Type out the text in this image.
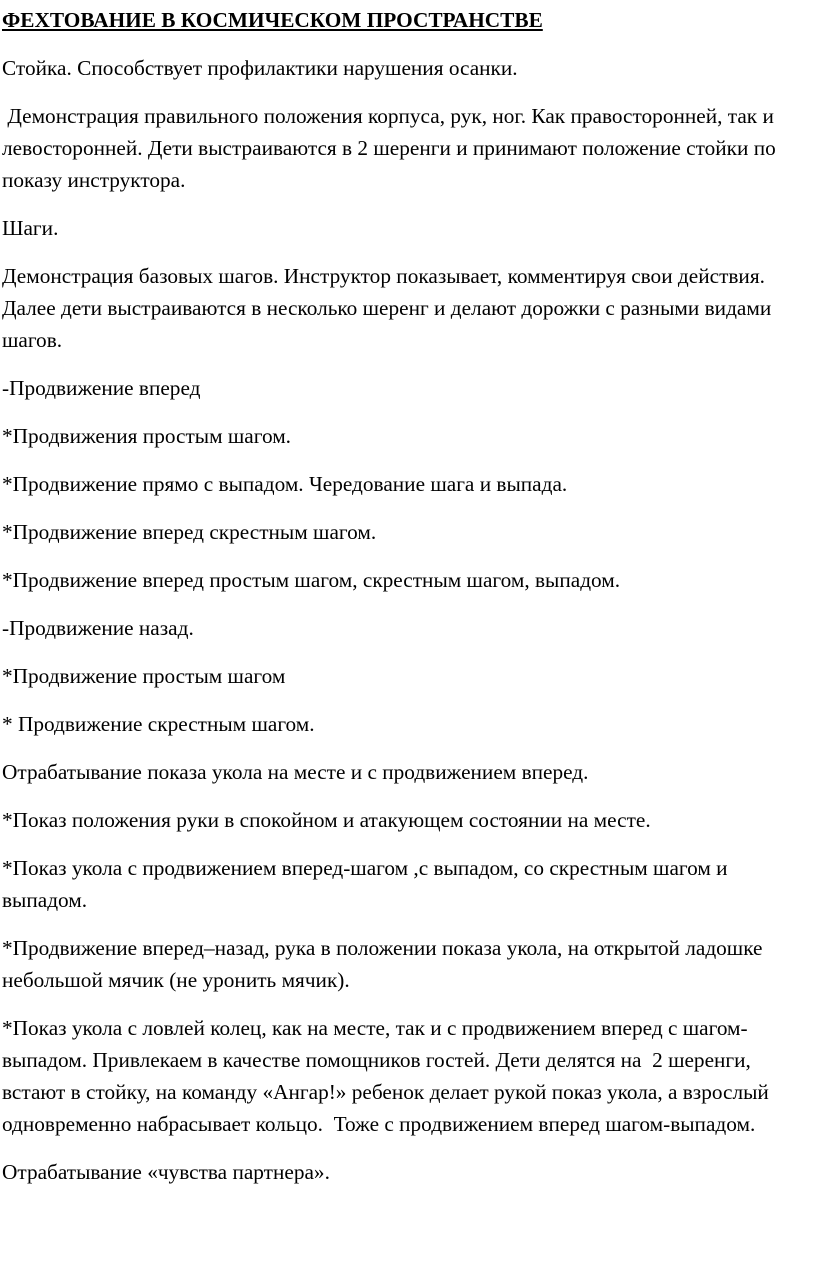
ФЕХТОВАНИЕ В КОСМИЧЕСКОМ ПРОСТРАНСТВЕ
Стойка. Способствует профилактики нарушения осанки.
Демонстрация правильного положения корпуса, рук, ног. Как правосторонней, так и левосторонней. Дети выстраиваются в 2 шеренги и принимают положение стойки по показу инструктора.
Шаги.
Демонстрация базовых шагов. Инструктор показывает, комментируя свои действия. Далее дети выстраиваются в несколько шеренг и делают дорожки с разными видами шагов.
-Продвижение вперед
*Продвижения простым шагом.
*Продвижение прямо с выпадом. Чередование шага и выпада.
*Продвижение вперед скрестным шагом.
*Продвижение вперед простым шагом, скрестным шагом, выпадом.
-Продвижение назад.
*Продвижение простым шагом
* Продвижение скрестным шагом.
Отрабатывание показа укола на месте и с продвижением вперед.
*Показ положения руки в спокойном и атакующем состоянии на месте.
*Показ укола с продвижением вперед-шагом ,с выпадом, со скрестным шагом и выпадом.
*Продвижение вперед–назад, рука в положении показа укола, на открытой ладошке небольшой мячик (не уронить мячик).
*Показ укола с ловлей колец, как на месте, так и с продвижением вперед с шагом-выпадом. Привлекаем в качестве помощников гостей. Дети делятся на  2 шеренги, встают в стойку, на команду «Ангар!» ребенок делает рукой показ укола, а взрослый одновременно набрасывает кольцо.  Тоже с продвижением вперед шагом-выпадом.
Отрабатывание «чувства партнера».
